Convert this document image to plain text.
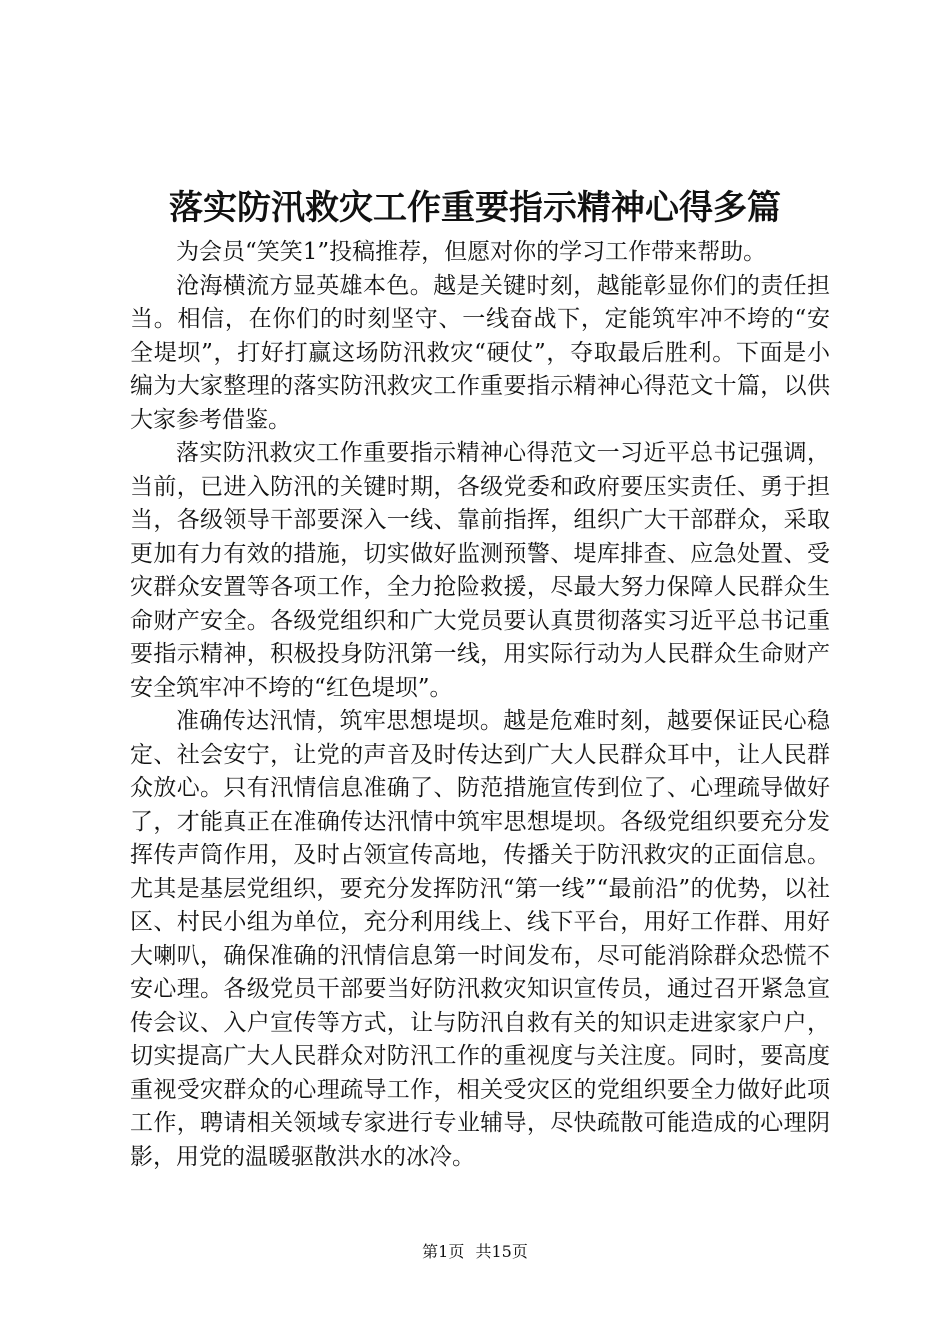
落实防汛救灾工作重要指示精神心得多篇

为会员“笑笑1”投稿推荐，但愿对你的学习工作带来帮助。

沧海横流方显英雄本色。越是关键时刻，越能彰显你们的责任担当。相信，在你们的时刻坚守、一线奋战下，定能筑牢冲不垮的“安全堤坝”，打好打赢这场防汛救灾“硬仗”，夺取最后胜利。下面是小编为大家整理的落实防汛救灾工作重要指示精神心得范文十篇，以供大家参考借鉴。

落实防汛救灾工作重要指示精神心得范文一习近平总书记强调，当前，已进入防汛的关键时期，各级党委和政府要压实责任、勇于担当，各级领导干部要深入一线、靠前指挥，组织广大干部群众，采取更加有力有效的措施，切实做好监测预警、堤库排查、应急处置、受灾群众安置等各项工作，全力抢险救援，尽最大努力保障人民群众生命财产安全。各级党组织和广大党员要认真贯彻落实习近平总书记重要指示精神，积极投身防汛第一线，用实际行动为人民群众生命财产安全筑牢冲不垮的“红色堤坝”。

准确传达汛情，筑牢思想堤坝。越是危难时刻，越要保证民心稳定、社会安宁，让党的声音及时传达到广大人民群众耳中，让人民群众放心。只有汛情信息准确了、防范措施宣传到位了、心理疏导做好了，才能真正在准确传达汛情中筑牢思想堤坝。各级党组织要充分发挥传声筒作用，及时占领宣传高地，传播关于防汛救灾的正面信息。尤其是基层党组织，要充分发挥防汛“第一线”“最前沿”的优势，以社区、村民小组为单位，充分利用线上、线下平台，用好工作群、用好大喇叭，确保准确的汛情信息第一时间发布，尽可能消除群众恐慌不安心理。各级党员干部要当好防汛救灾知识宣传员，通过召开紧急宣传会议、入户宣传等方式，让与防汛自救有关的知识走进家家户户，切实提高广大人民群众对防汛工作的重视度与关注度。同时，要高度重视受灾群众的心理疏导工作，相关受灾区的党组织要全力做好此项工作，聘请相关领域专家进行专业辅导，尽快疏散可能造成的心理阴影，用党的温暖驱散洪水的冰冷。

第1页 共15页
